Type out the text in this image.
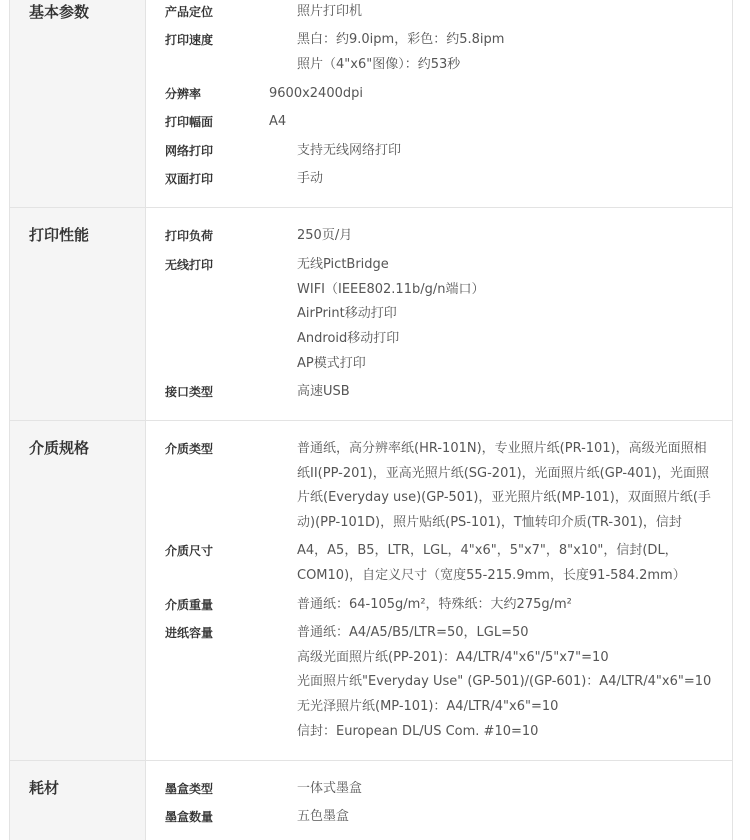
基本参数	产品定位	照片打印机
打印速度	黑白：约9.0ipm，彩色：约5.8ipm
照片（4"x6"图像）：约53秒
分辨率	9600x2400dpi
打印幅面	A4
网络打印	支持无线网络打印
双面打印	手动
打印性能	打印负荷	250页/月
无线打印	无线PictBridge
WIFI（IEEE802.11b/g/n端口）
AirPrint移动打印
Android移动打印
AP模式打印
接口类型	高速USB
介质规格	介质类型	普通纸，高分辨率纸(HR-101N)，专业照片纸(PR-101)，高级光面照相
纸II(PP-201)，亚高光照片纸(SG-201)，光面照片纸(GP-401)，光面照
片纸(Everyday use)(GP-501)，亚光照片纸(MP-101)，双面照片纸(手
动)(PP-101D)，照片贴纸(PS-101)，T恤转印介质(TR-301)，信封
介质尺寸	A4，A5，B5，LTR，LGL，4"x6"，5"x7"，8"x10"，信封(DL，
COM10)，自定义尺寸（宽度55-215.9mm，长度91-584.2mm）
介质重量	普通纸：64-105g/m²，特殊纸：大约275g/m²
进纸容量	普通纸：A4/A5/B5/LTR=50，LGL=50
高级光面照片纸(PP-201)：A4/LTR/4"x6"/5"x7"=10
光面照片纸"Everyday Use" (GP-501)/(GP-601)：A4/LTR/4"x6"=10
无光泽照片纸(MP-101)：A4/LTR/4"x6"=10
信封：European DL/US Com. #10=10
耗材	墨盒类型	一体式墨盒
墨盒数量	五色墨盒
